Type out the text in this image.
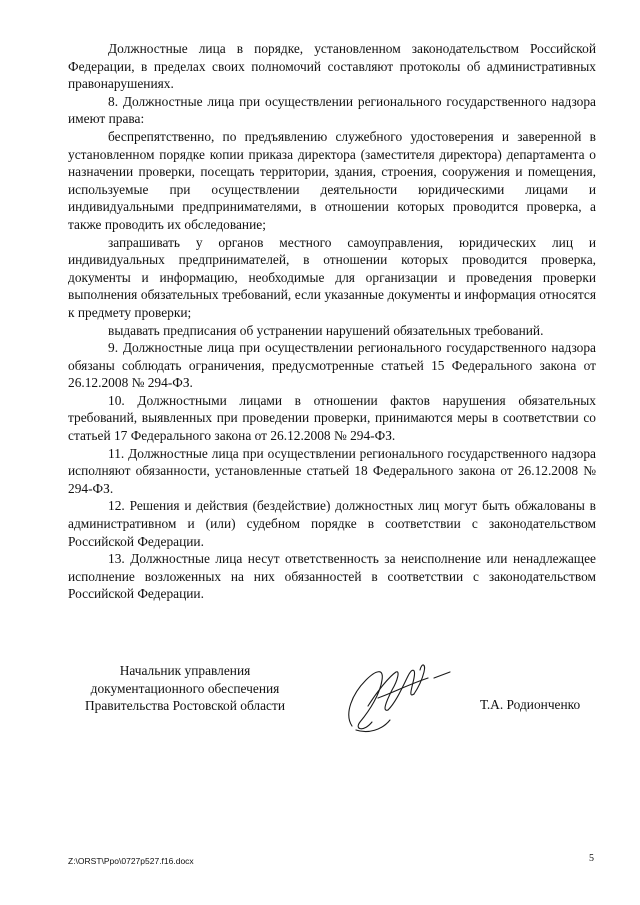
Должностные лица в порядке, установленном законодательством Российской Федерации, в пределах своих полномочий составляют протоколы об административных правонарушениях.

8. Должностные лица при осуществлении регионального государственного надзора имеют права:

беспрепятственно, по предъявлению служебного удостоверения и заверенной в установленном порядке копии приказа директора (заместителя директора) департамента о назначении проверки, посещать территории, здания, строения, сооружения и помещения, используемые при осуществлении деятельности юридическими лицами и индивидуальными предпринимателями, в отношении которых проводится проверка, а также проводить их обследование;

запрашивать у органов местного самоуправления, юридических лиц и индивидуальных предпринимателей, в отношении которых проводится проверка, документы и информацию, необходимые для организации и проведения проверки выполнения обязательных требований, если указанные документы и информация относятся к предмету проверки;

выдавать предписания об устранении нарушений обязательных требований.

9. Должностные лица при осуществлении регионального государственного надзора обязаны соблюдать ограничения, предусмотренные статьей 15 Федерального закона от 26.12.2008 № 294-ФЗ.

10. Должностными лицами в отношении фактов нарушения обязательных требований, выявленных при проведении проверки, принимаются меры в соответствии со статьей 17 Федерального закона от 26.12.2008 № 294-ФЗ.

11. Должностные лица при осуществлении регионального государственного надзора исполняют обязанности, установленные статьей 18 Федерального закона от 26.12.2008 № 294-ФЗ.

12. Решения и действия (бездействие) должностных лиц могут быть обжалованы в административном и (или) судебном порядке в соответствии с законодательством Российской Федерации.

13. Должностные лица несут ответственность за неисполнение или ненадлежащее исполнение возложенных на них обязанностей в соответствии с законодательством Российской Федерации.

Начальник управления
документационного обеспечения
Правительства Ростовской области	Т.А. Родионченко
Z:\ORST\Ppo\0727p527.f16.docx	5
